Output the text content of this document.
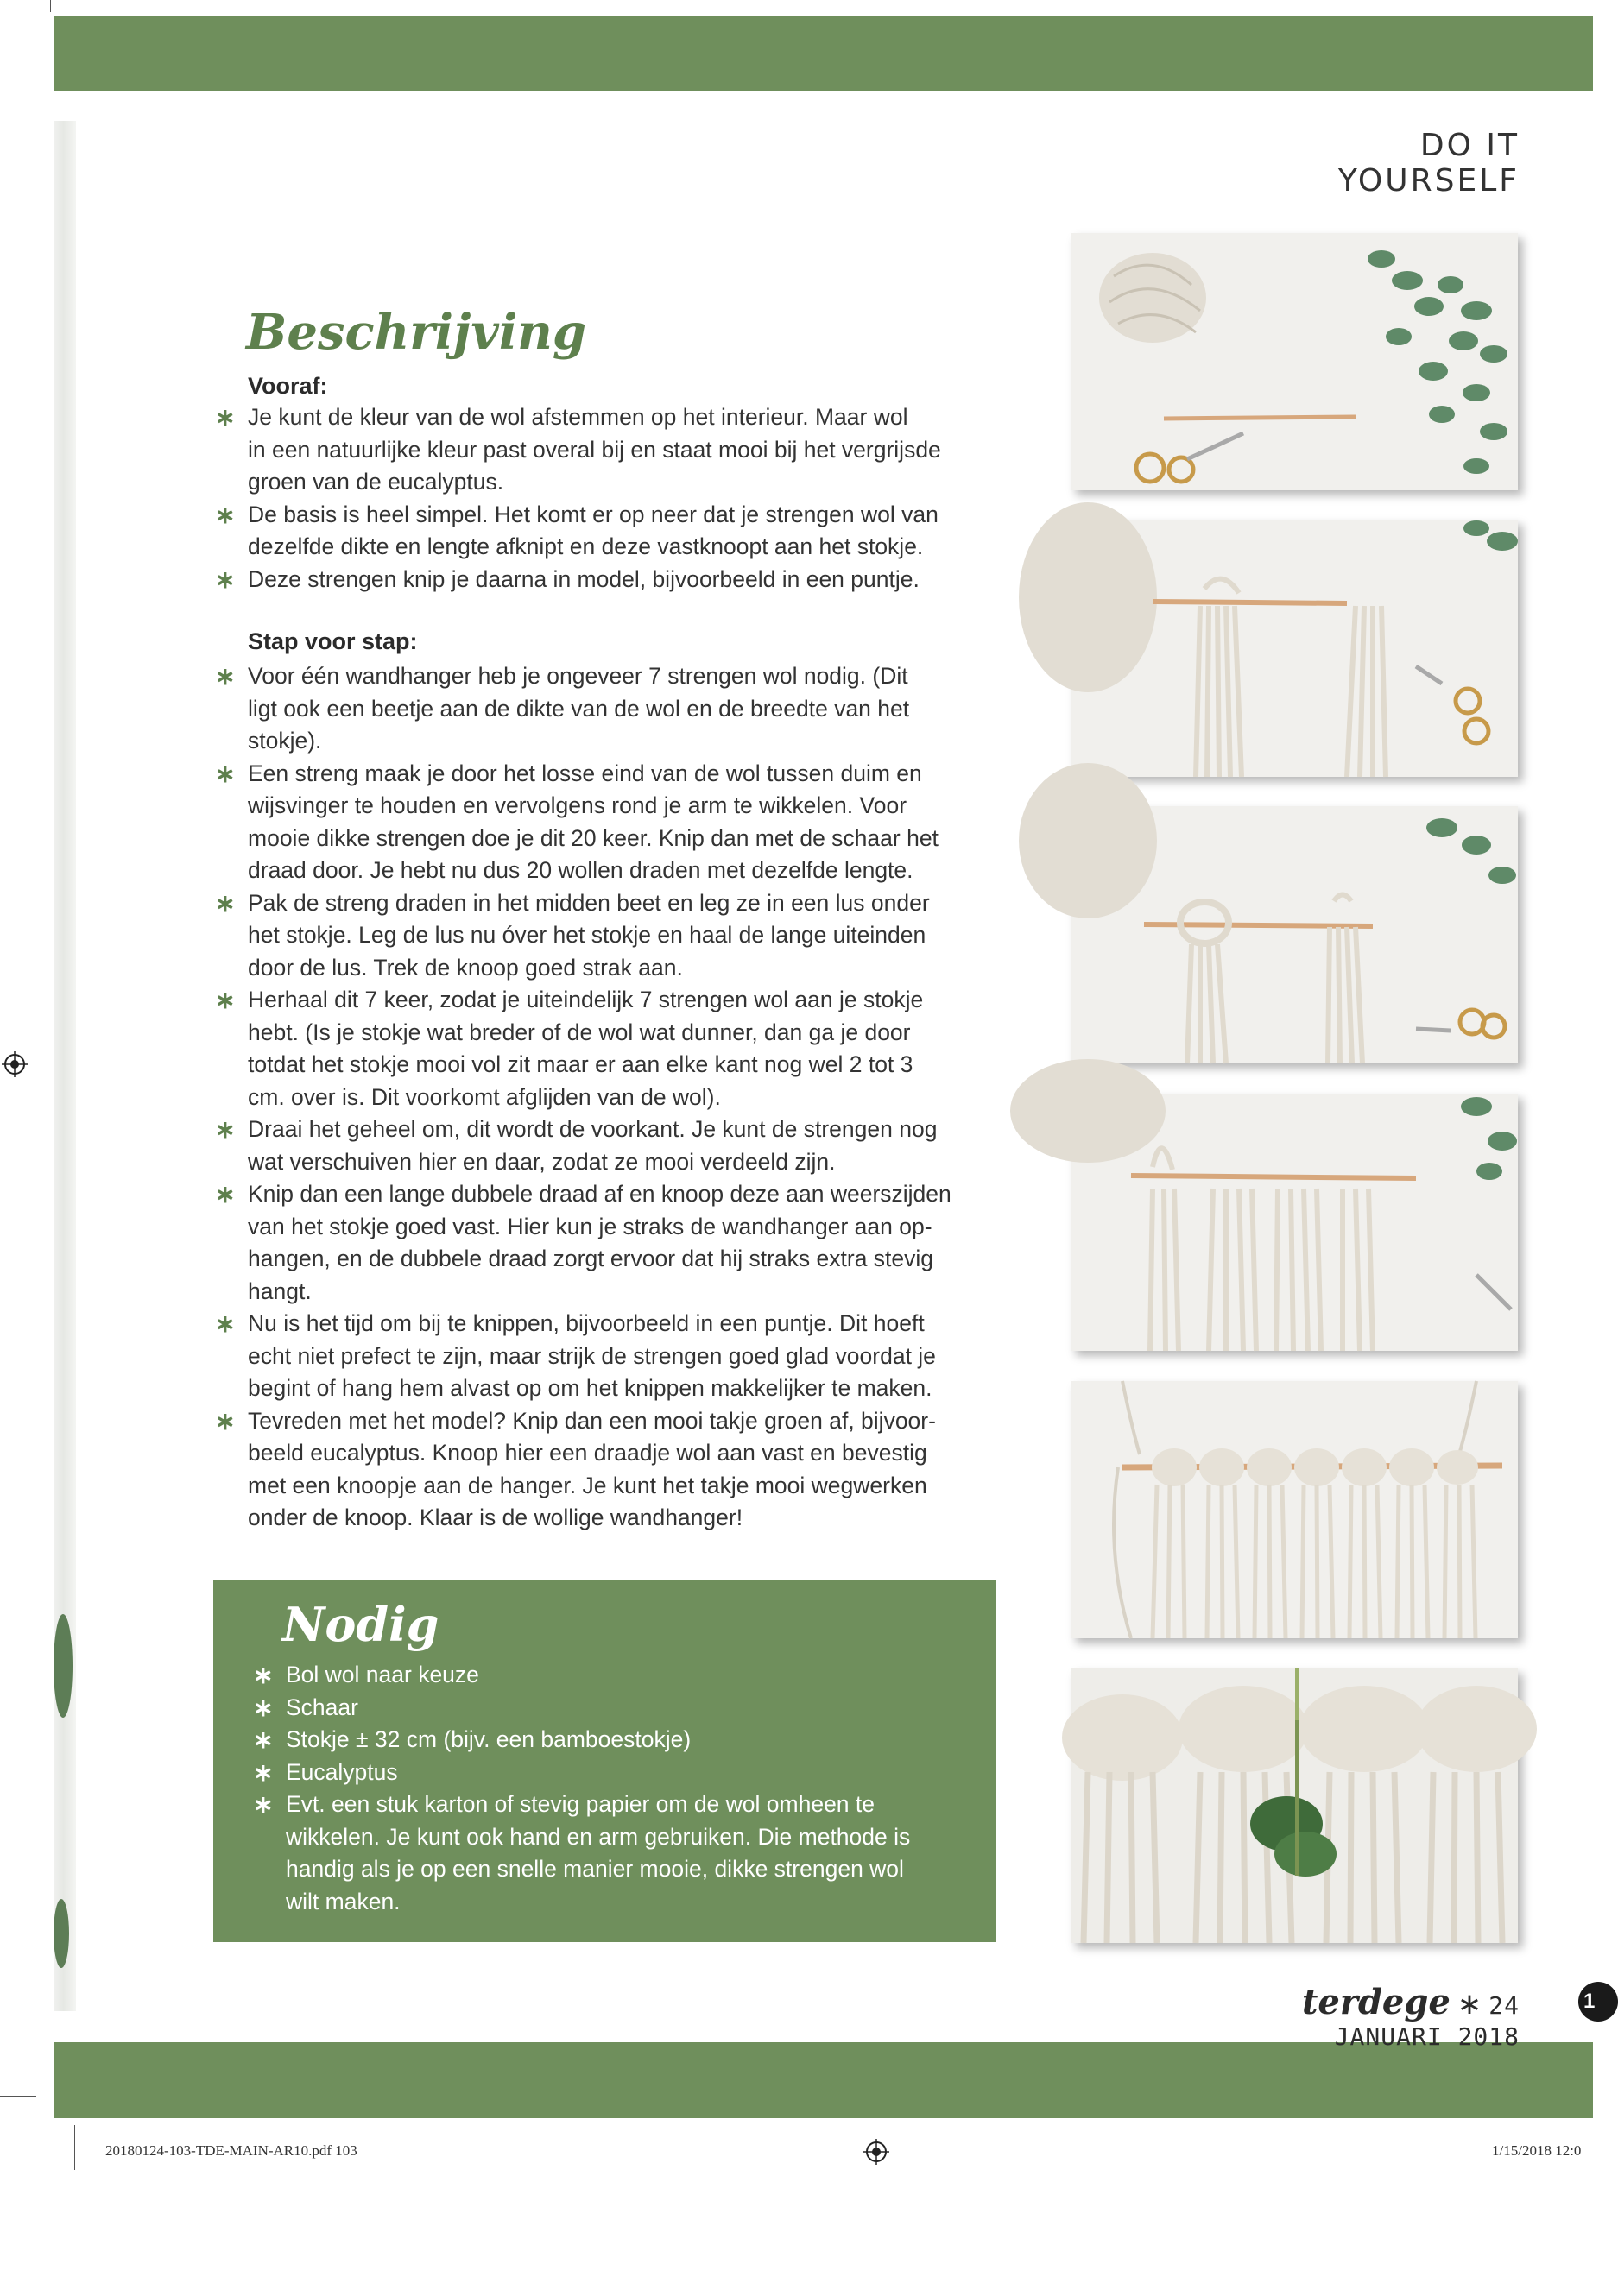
DO IT YOURSELF
Beschrijving
Vooraf:
∗ Je kunt de kleur van de wol afstemmen op het interieur. Maar wol
in een natuurlijke kleur past overal bij en staat mooi bij het vergrijsde
groen van de eucalyptus.
∗ De basis is heel simpel. Het komt er op neer dat je strengen wol van
dezelfde dikte en lengte afknipt en deze vastknoopt aan het stokje.
∗ Deze strengen knip je daarna in model, bijvoorbeeld in een puntje.
Stap voor stap:
∗ Voor één wandhanger heb je ongeveer 7 strengen wol nodig. (Dit
ligt ook een beetje aan de dikte van de wol en de breedte van het
stokje).
∗ Een streng maak je door het losse eind van de wol tussen duim en
wijsvinger te houden en vervolgens rond je arm te wikkelen. Voor
mooie dikke strengen doe je dit 20 keer. Knip dan met de schaar het
draad door. Je hebt nu dus 20 wollen draden met dezelfde lengte.
∗ Pak de streng draden in het midden beet en leg ze in een lus onder
het stokje. Leg de lus nu óver het stokje en haal de lange uiteinden
door de lus. Trek de knoop goed strak aan.
∗ Herhaal dit 7 keer, zodat je uiteindelijk 7 strengen wol aan je stokje
hebt. (Is je stokje wat breder of de wol wat dunner, dan ga je door
totdat het stokje mooi vol zit maar er aan elke kant nog wel 2 tot 3
cm. over is. Dit voorkomt afglijden van de wol).
∗ Draai het geheel om, dit wordt de voorkant. Je kunt de strengen nog
wat verschuiven hier en daar, zodat ze mooi verdeeld zijn.
∗ Knip dan een lange dubbele draad af en knoop deze aan weerszijden
van het stokje goed vast. Hier kun je straks de wandhanger aan op-
hangen, en de dubbele draad zorgt ervoor dat hij straks extra stevig
hangt.
∗ Nu is het tijd om bij te knippen, bijvoorbeeld in een puntje. Dit hoeft
echt niet prefect te zijn, maar strijk de strengen goed glad voordat je
begint of hang hem alvast op om het knippen makkelijker te maken.
∗ Tevreden met het model? Knip dan een mooi takje groen af, bijvoor-
beeld eucalyptus. Knoop hier een draadje wol aan vast en bevestig
met een knoopje aan de hanger. Je kunt het takje mooi wegwerken
onder de knoop. Klaar is de wollige wandhanger!
Nodig
∗ Bol wol naar keuze
∗ Schaar
∗ Stokje ± 32 cm (bijv. een bamboestokje)
∗ Eucalyptus
∗ Evt. een stuk karton of stevig papier om de wol omheen te
wikkelen. Je kunt ook hand en arm gebruiken. Die methode is
handig als je op een snelle manier mooie, dikke strengen wol
wilt maken.
terdege ∗ 24 JANUARI 2018
1
20180124-103-TDE-MAIN-AR10.pdf 103	1/15/2018 12:0
